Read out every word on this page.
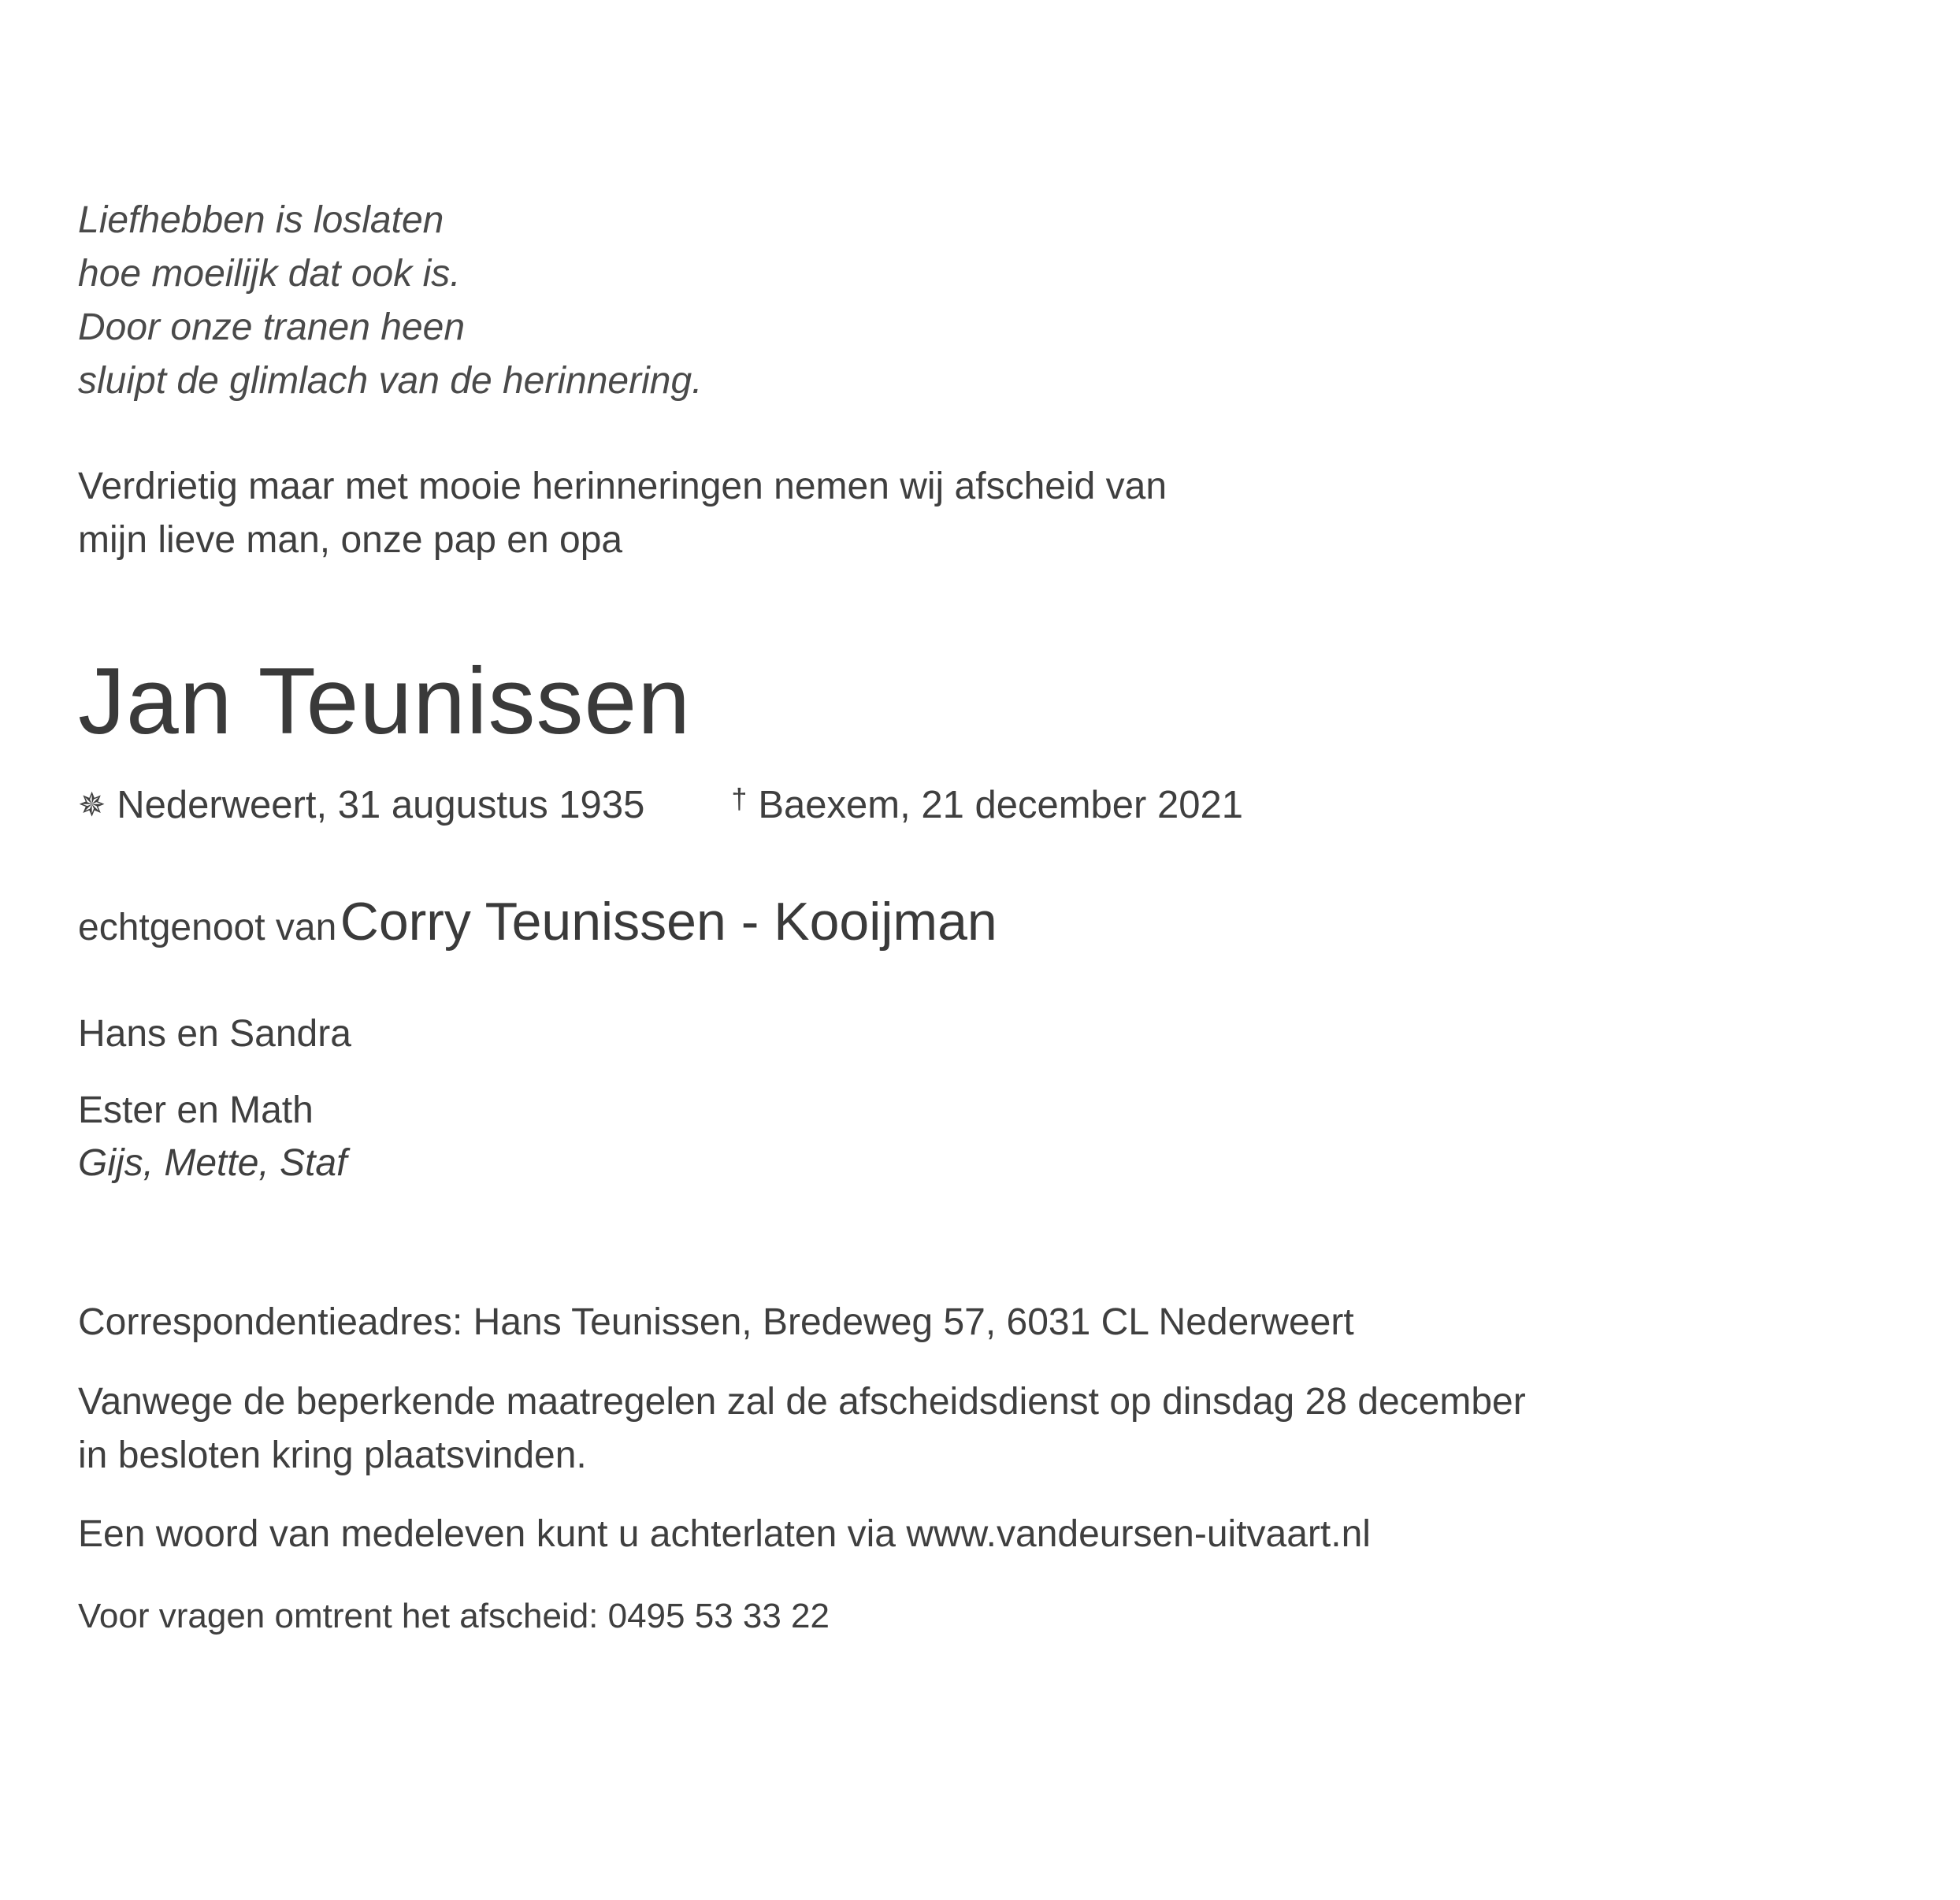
Liefhebben is loslaten
hoe moeilijk dat ook is.
Door onze tranen heen
sluipt de glimlach van de herinnering.

Verdrietig maar met mooie herinneringen nemen wij afscheid van
mijn lieve man, onze pap en opa

Jan Teunissen

✵ Nederweert, 31 augustus 1935	† Baexem, 21 december 2021

echtgenoot van Corry Teunissen - Kooijman

Hans en Sandra

Ester en Math

Gijs, Mette, Staf

Correspondentieadres: Hans Teunissen, Bredeweg 57, 6031 CL Nederweert

Vanwege de beperkende maatregelen zal de afscheidsdienst op dinsdag 28 december
in besloten kring plaatsvinden.

Een woord van medeleven kunt u achterlaten via www.vandeursen-uitvaart.nl

Voor vragen omtrent het afscheid: 0495 53 33 22
